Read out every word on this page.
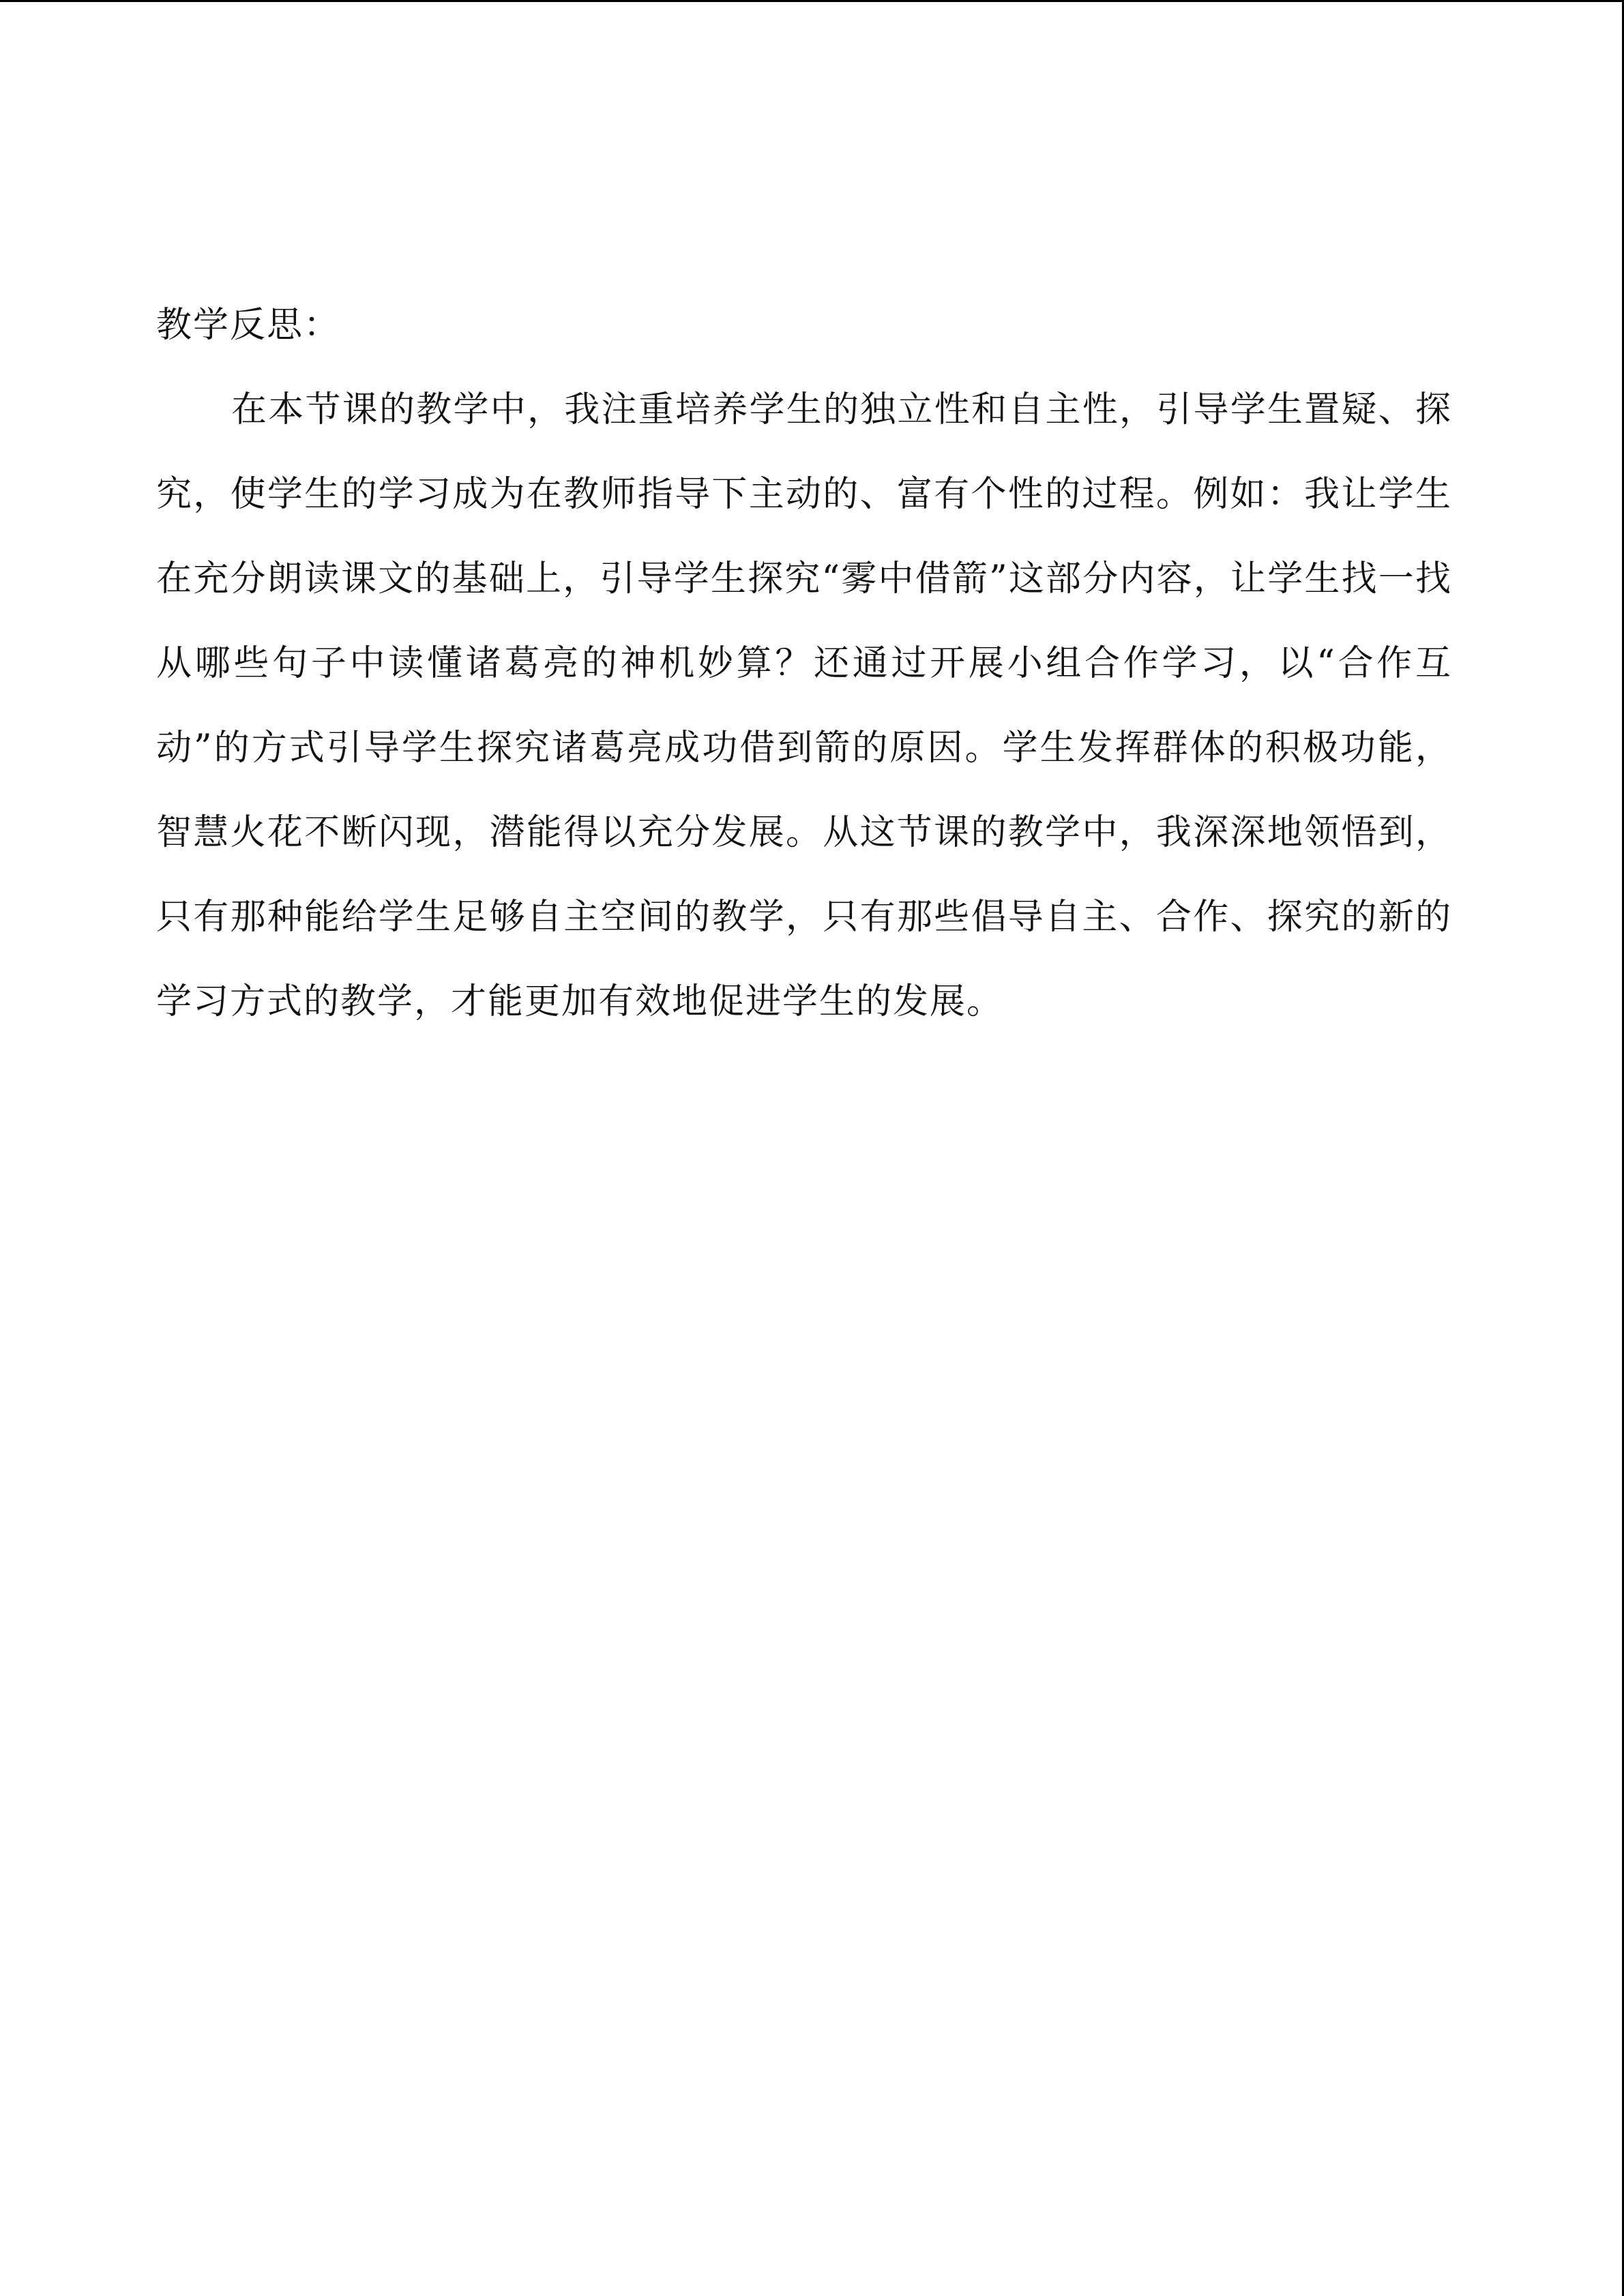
教学反思：

在本节课的教学中，我注重培养学生的独立性和自主性，引导学生置疑、探究，使学生的学习成为在教师指导下主动的、富有个性的过程。例如：我让学生在充分朗读课文的基础上，引导学生探究“雾中借箭”这部分内容，让学生找一找从哪些句子中读懂诸葛亮的神机妙算？还通过开展小组合作学习，以“合作互动”的方式引导学生探究诸葛亮成功借到箭的原因。学生发挥群体的积极功能，智慧火花不断闪现，潜能得以充分发展。从这节课的教学中，我深深地领悟到，只有那种能给学生足够自主空间的教学，只有那些倡导自主、合作、探究的新的学习方式的教学，才能更加有效地促进学生的发展。
